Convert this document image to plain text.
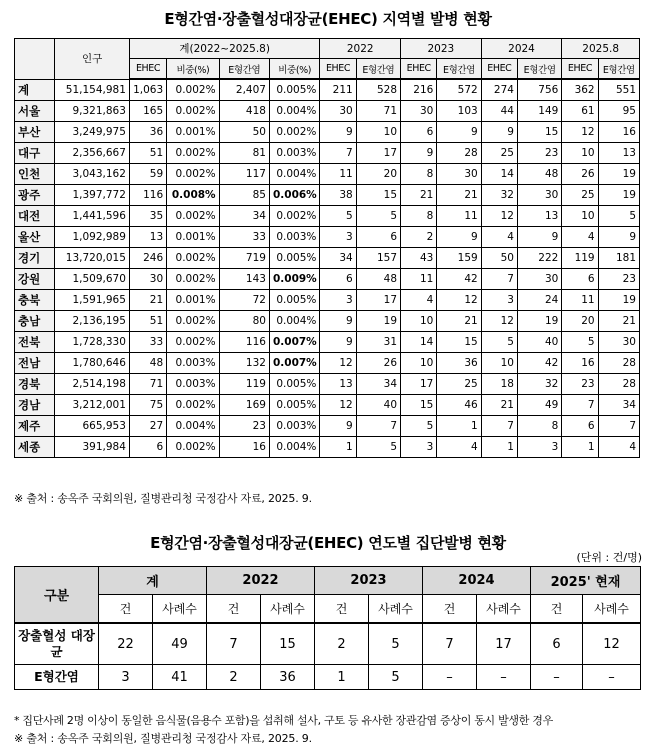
E형간염·장출혈성대장균(EHEC) 지역별 발병 현황
	인구	계(2022~2025.8)				2022		2023		2024		2025.8	
		EHEC	비중(%)	E형간염	비중(%)	EHEC	E형간염	EHEC	E형간염	EHEC	E형간염	EHEC	E형간염
계	51,154,981	1,063	0.002%	2,407	0.005%	211	528	216	572	274	756	362	551
서울	9,321,863	165	0.002%	418	0.004%	30	71	30	103	44	149	61	95
부산	3,249,975	36	0.001%	50	0.002%	9	10	6	9	9	15	12	16
대구	2,356,667	51	0.002%	81	0.003%	7	17	9	28	25	23	10	13
인천	3,043,162	59	0.002%	117	0.004%	11	20	8	30	14	48	26	19
광주	1,397,772	116	0.008%	85	0.006%	38	15	21	21	32	30	25	19
대전	1,441,596	35	0.002%	34	0.002%	5	5	8	11	12	13	10	5
울산	1,092,989	13	0.001%	33	0.003%	3	6	2	9	4	9	4	9
경기	13,720,015	246	0.002%	719	0.005%	34	157	43	159	50	222	119	181
강원	1,509,670	30	0.002%	143	0.009%	6	48	11	42	7	30	6	23
충북	1,591,965	21	0.001%	72	0.005%	3	17	4	12	3	24	11	19
충남	2,136,195	51	0.002%	80	0.004%	9	19	10	21	12	19	20	21
전북	1,728,330	33	0.002%	116	0.007%	9	31	14	15	5	40	5	30
전남	1,780,646	48	0.003%	132	0.007%	12	26	10	36	10	42	16	28
경북	2,514,198	71	0.003%	119	0.005%	13	34	17	25	18	32	23	28
경남	3,212,001	75	0.002%	169	0.005%	12	40	15	46	21	49	7	34
제주	665,953	27	0.004%	23	0.003%	9	7	5	1	7	8	6	7
세종	391,984	6	0.002%	16	0.004%	1	5	3	4	1	3	1	4
※ 출처 : 송옥주 국회의원, 질병관리청 국정감사 자료, 2025. 9.
E형간염·장출혈성대장균(EHEC) 연도별 집단발병 현황
(단위 : 건/명)
구분	계		2022		2023		2024		2025' 현재	
	건	사례수	건	사례수	건	사례수	건	사례수	건	사례수
장출혈성 대장균	22	49	7	15	2	5	7	17	6	12
E형간염	3	41	2	36	1	5	–	–	–	–
* 집단사례 2명 이상이 동일한 음식물(음용수 포함)을 섭취해 설사, 구토 등 유사한 장관감염 증상이 동시 발생한 경우
※ 출처 : 송옥주 국회의원, 질병관리청 국정감사 자료, 2025. 9.
